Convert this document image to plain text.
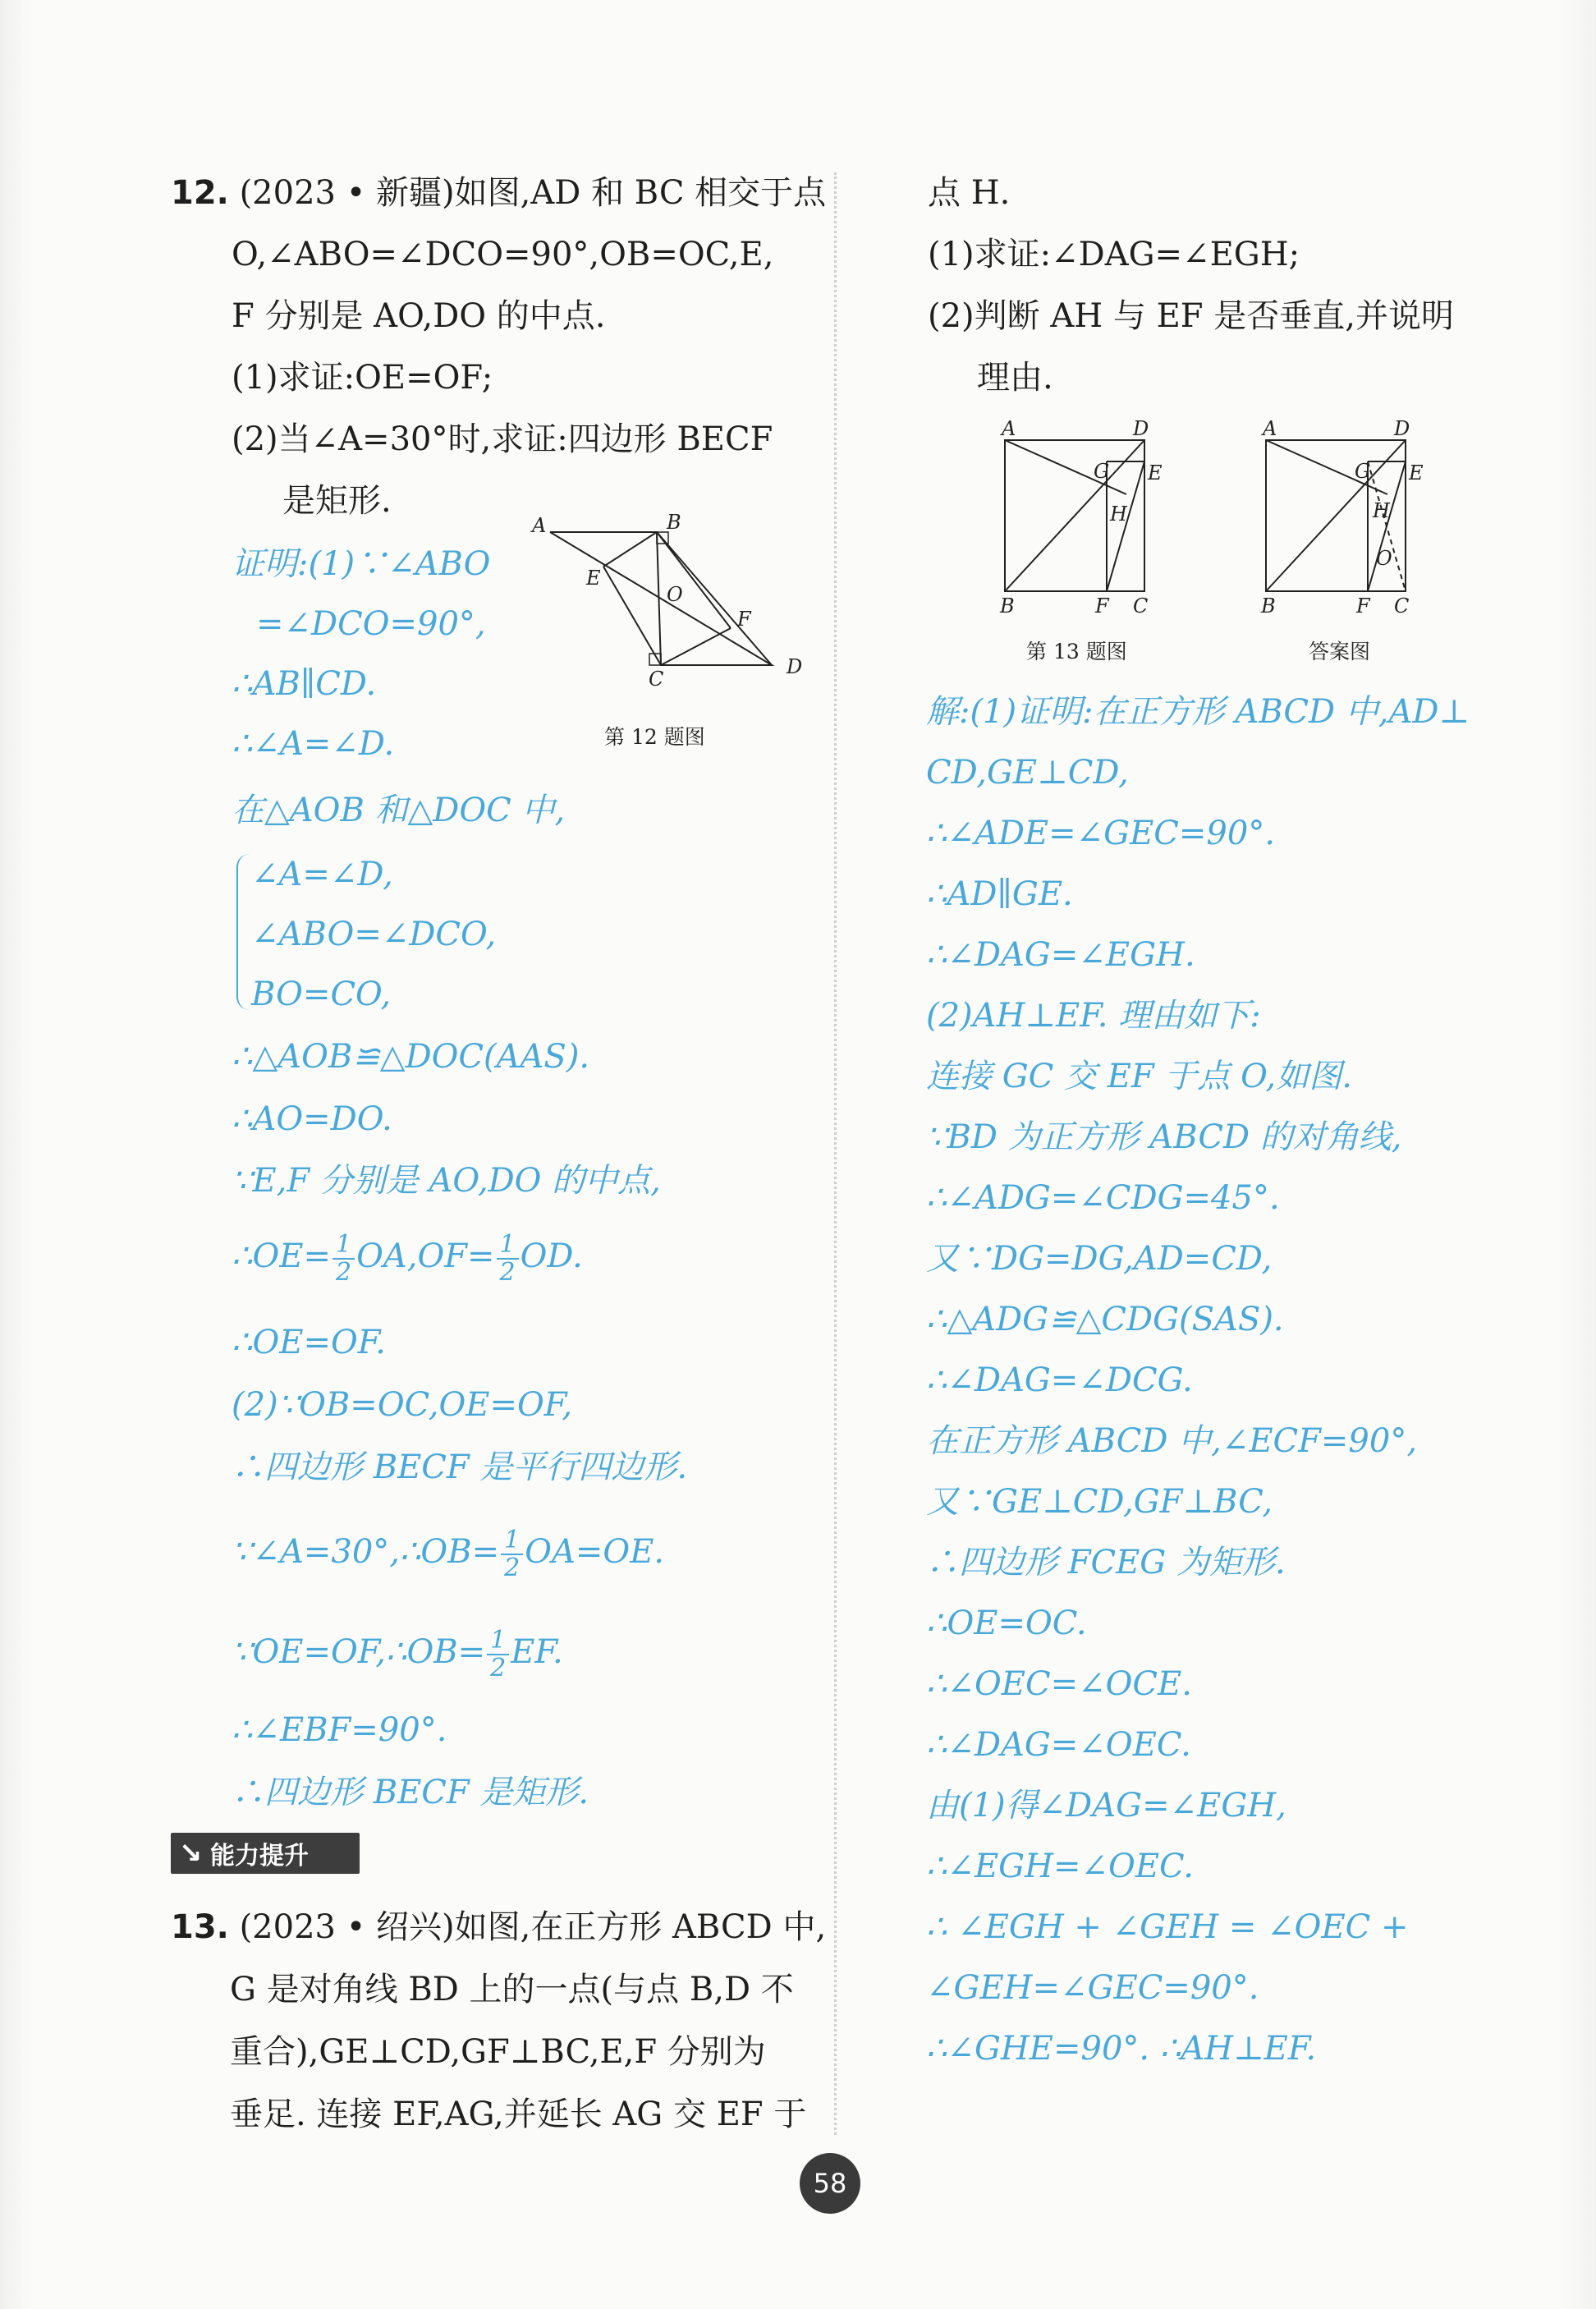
12. (2023 • 新疆)如图,AD 和 BC 相交于点
O,∠ABO=∠DCO=90°,OB=OC,E,
F 分别是 AO,DO 的中点.
(1)求证:OE=OF;
(2)当∠A=30°时,求证:四边形 BECF
是矩形.
A	B
E
O
F
C
D
第 12 题图
证明:(1)∵∠ABO
=∠DCO=90°,
∴AB∥CD.
∴∠A=∠D.
在△AOB 和△DOC 中,
∠A=∠D,
∠ABO=∠DCO,
BO=CO,
∴△AOB≌△DOC(AAS).
∴AO=DO.
∵E,F 分别是 AO,DO 的中点,
∴OE= $\frac{1}{2} OA,OF= \frac{1}{2}$ OD.
∴OE=OF.
(2)∵OB=OC,OE=OF,
∴四边形 BECF 是平行四边形.
∵∠A=30°,∴OB= $\frac{1}{2} OA=OE$.
∵OE=OF,∴OB= $\frac{1}{2}$ EF.
∴∠EBF=90°.
∴四边形 BECF 是矩形.
↘ 能力提升
13. (2023 • 绍兴)如图,在正方形 ABCD 中,
G 是对角线 BD 上的一点(与点 B,D 不
重合),GE⊥CD,GF⊥BC,E,F 分别为
垂足. 连接 EF,AG,并延长 AG 交 EF 于
点 H.
(1)求证:∠DAG=∠EGH;
(2)判断 AH 与 EF 是否垂直,并说明
理由.
A	D
G E
H
B	F C
第 13 题图
A	D
G E
H
O
B	F C
答案图
解:(1)证明:在正方形 ABCD 中,AD⊥
CD,GE⊥CD,
∴∠ADE=∠GEC=90°.
∴AD∥GE.
∴∠DAG=∠EGH.
(2)AH⊥EF. 理由如下:
连接 GC 交 EF 于点 O,如图.
∵BD 为正方形 ABCD 的对角线,
∴∠ADG=∠CDG=45°.
又∵DG=DG,AD=CD,
∴△ADG≌△CDG(SAS).
∴∠DAG=∠DCG.
在正方形 ABCD 中,∠ECF=90°,
又∵GE⊥CD,GF⊥BC,
∴四边形 FCEG 为矩形.
∴OE=OC.
∴∠OEC=∠OCE.
∴∠DAG=∠OEC.
由(1)得∠DAG=∠EGH,
∴∠EGH=∠OEC.
∴ ∠EGH + ∠GEH = ∠OEC +
∠GEH=∠GEC=90°.
∴∠GHE=90°. ∴AH⊥EF.
58
